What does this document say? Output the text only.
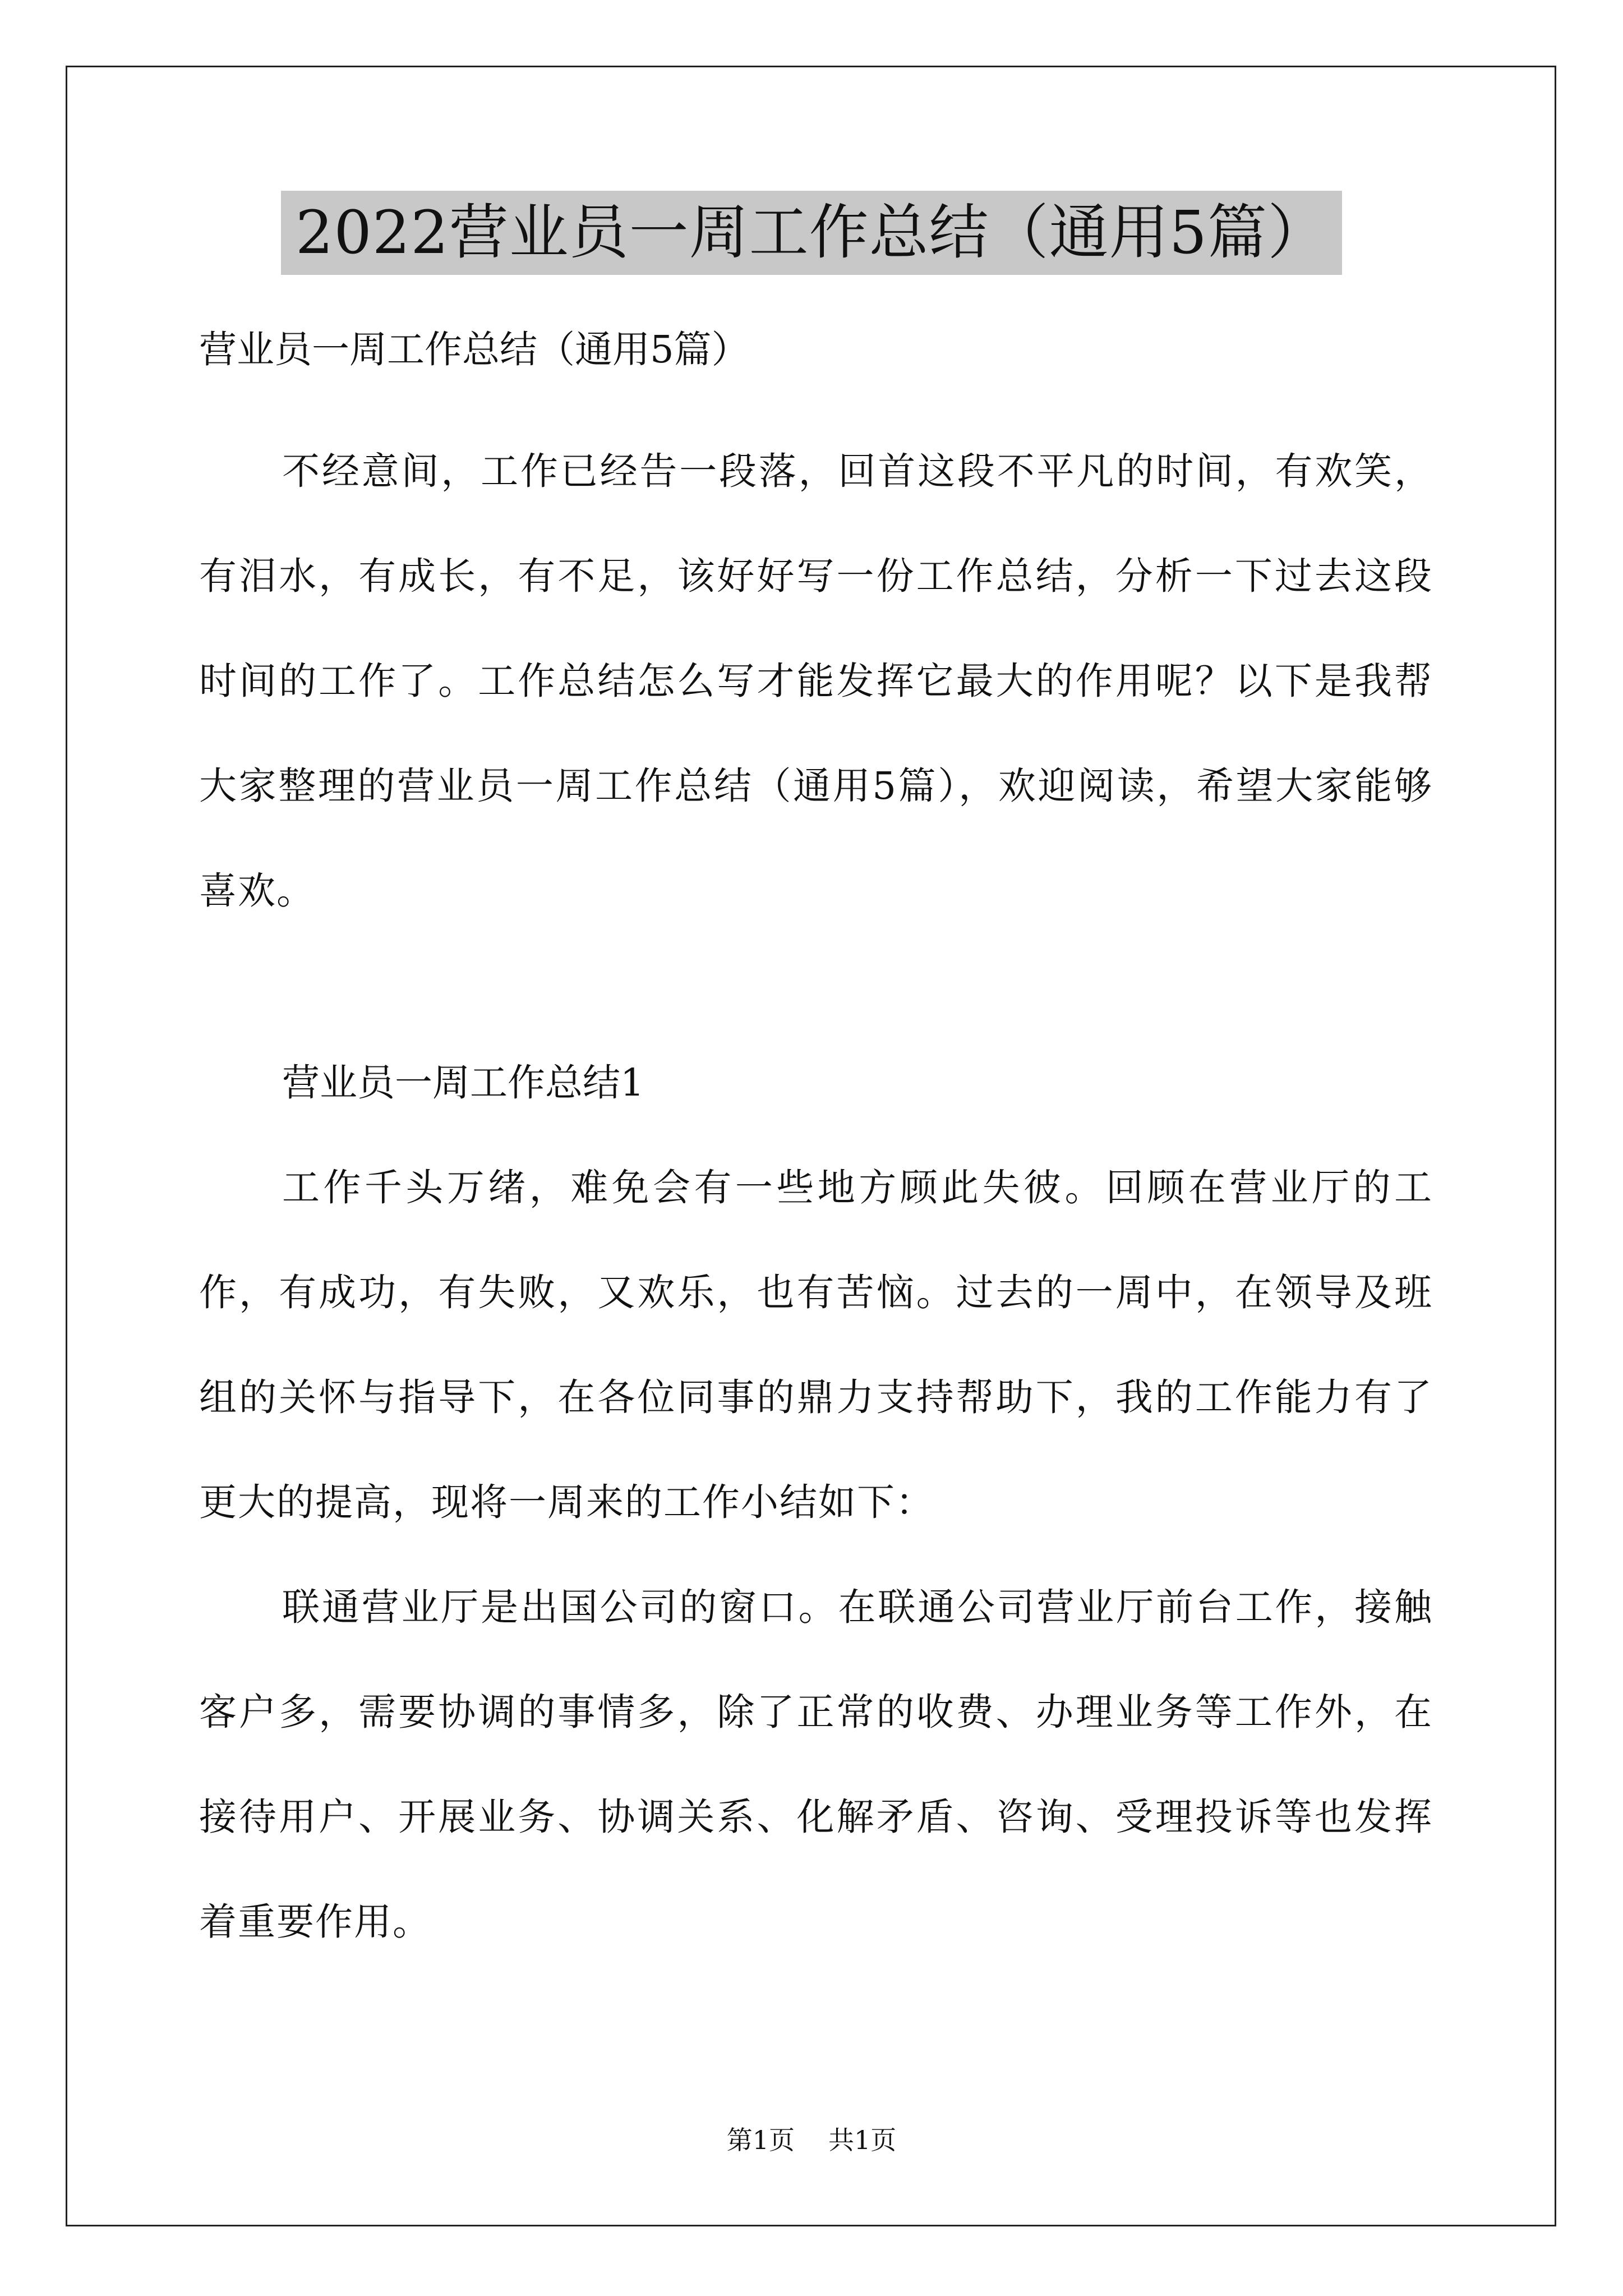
2022营业员一周工作总结（通用5篇）

营业员一周工作总结（通用5篇）

不经意间，工作已经告一段落，回首这段不平凡的时间，有欢笑，有泪水，有成长，有不足，该好好写一份工作总结，分析一下过去这段时间的工作了。工作总结怎么写才能发挥它最大的作用呢？以下是我帮大家整理的营业员一周工作总结（通用5篇），欢迎阅读，希望大家能够喜欢。

营业员一周工作总结1

工作千头万绪，难免会有一些地方顾此失彼。回顾在营业厅的工作，有成功，有失败，又欢乐，也有苦恼。过去的一周中，在领导及班组的关怀与指导下，在各位同事的鼎力支持帮助下，我的工作能力有了更大的提高，现将一周来的工作小结如下：

联通营业厅是出国公司的窗口。在联通公司营业厅前台工作，接触客户多，需要协调的事情多，除了正常的收费、办理业务等工作外，在接待用户、开展业务、协调关系、化解矛盾、咨询、受理投诉等也发挥着重要作用。

第1页 共1页
